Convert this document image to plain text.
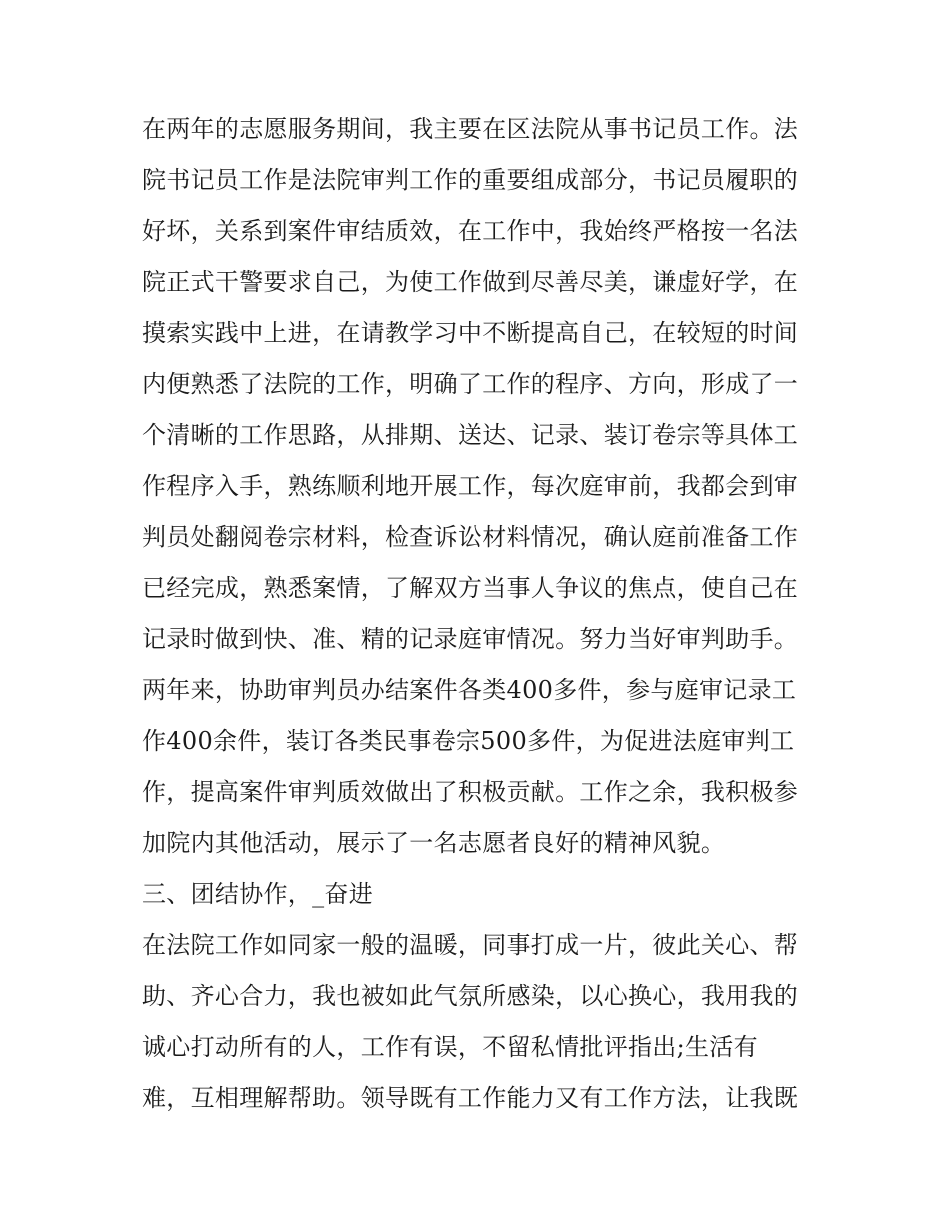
在两年的志愿服务期间，我主要在区法院从事书记员工作。法
院书记员工作是法院审判工作的重要组成部分，书记员履职的
好坏，关系到案件审结质效，在工作中，我始终严格按一名法
院正式干警要求自己，为使工作做到尽善尽美，谦虚好学，在
摸索实践中上进，在请教学习中不断提高自己，在较短的时间
内便熟悉了法院的工作，明确了工作的程序、方向，形成了一
个清晰的工作思路，从排期、送达、记录、装订卷宗等具体工
作程序入手，熟练顺利地开展工作，每次庭审前，我都会到审
判员处翻阅卷宗材料，检查诉讼材料情况，确认庭前准备工作
已经完成，熟悉案情，了解双方当事人争议的焦点，使自己在
记录时做到快、准、精的记录庭审情况。努力当好审判助手。
两年来，协助审判员办结案件各类400多件，参与庭审记录工
作400余件，装订各类民事卷宗500多件，为促进法庭审判工
作，提高案件审判质效做出了积极贡献。工作之余，我积极参
加院内其他活动，展示了一名志愿者良好的精神风貌。
三、团结协作，_奋进
在法院工作如同家一般的温暖，同事打成一片，彼此关心、帮
助、齐心合力，我也被如此气氛所感染，以心换心，我用我的
诚心打动所有的人，工作有误，不留私情批评指出;生活有
难，互相理解帮助。领导既有工作能力又有工作方法，让我既
